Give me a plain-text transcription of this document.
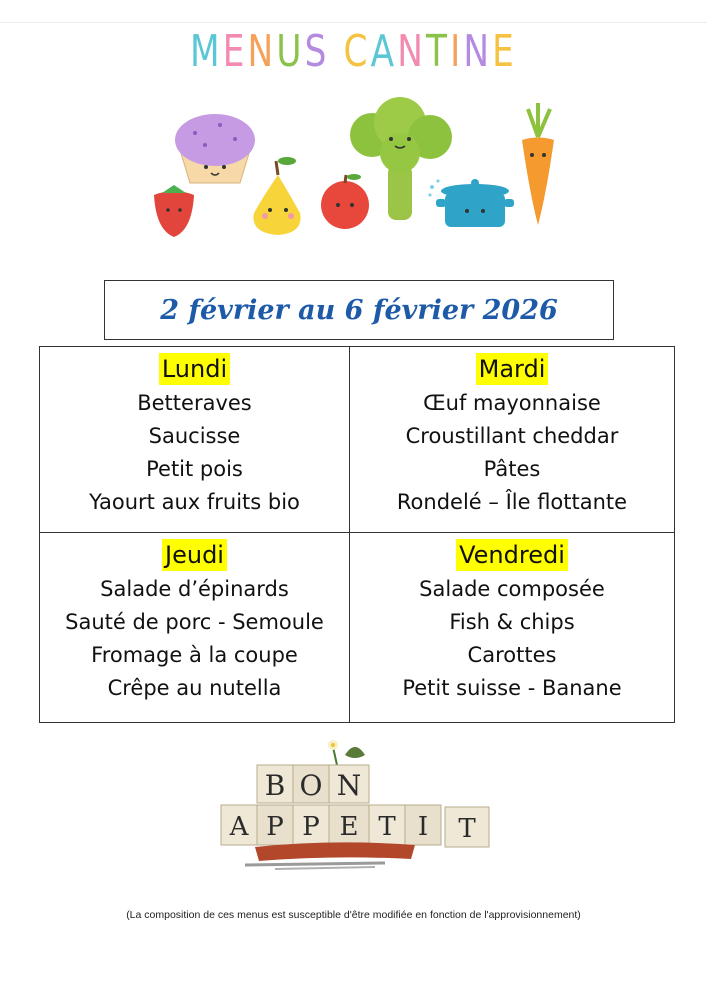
MENUS CANTINE
2 février au 6 février 2026
Lundi
Betteraves
Saucisse
Petit pois
Yaourt aux fruits bio
Mardi
Œuf mayonnaise
Croustillant cheddar
Pâtes
Rondelé – Île flottante
Jeudi
Salade d’épinards
Sauté de porc - Semoule
Fromage à la coupe
Crêpe au nutella
Vendredi
Salade composée
Fish & chips
Carottes
Petit suisse - Banane
B O N
A P P E T I T
(La composition de ces menus est susceptible d'être modifiée en fonction de l'approvisionnement)
